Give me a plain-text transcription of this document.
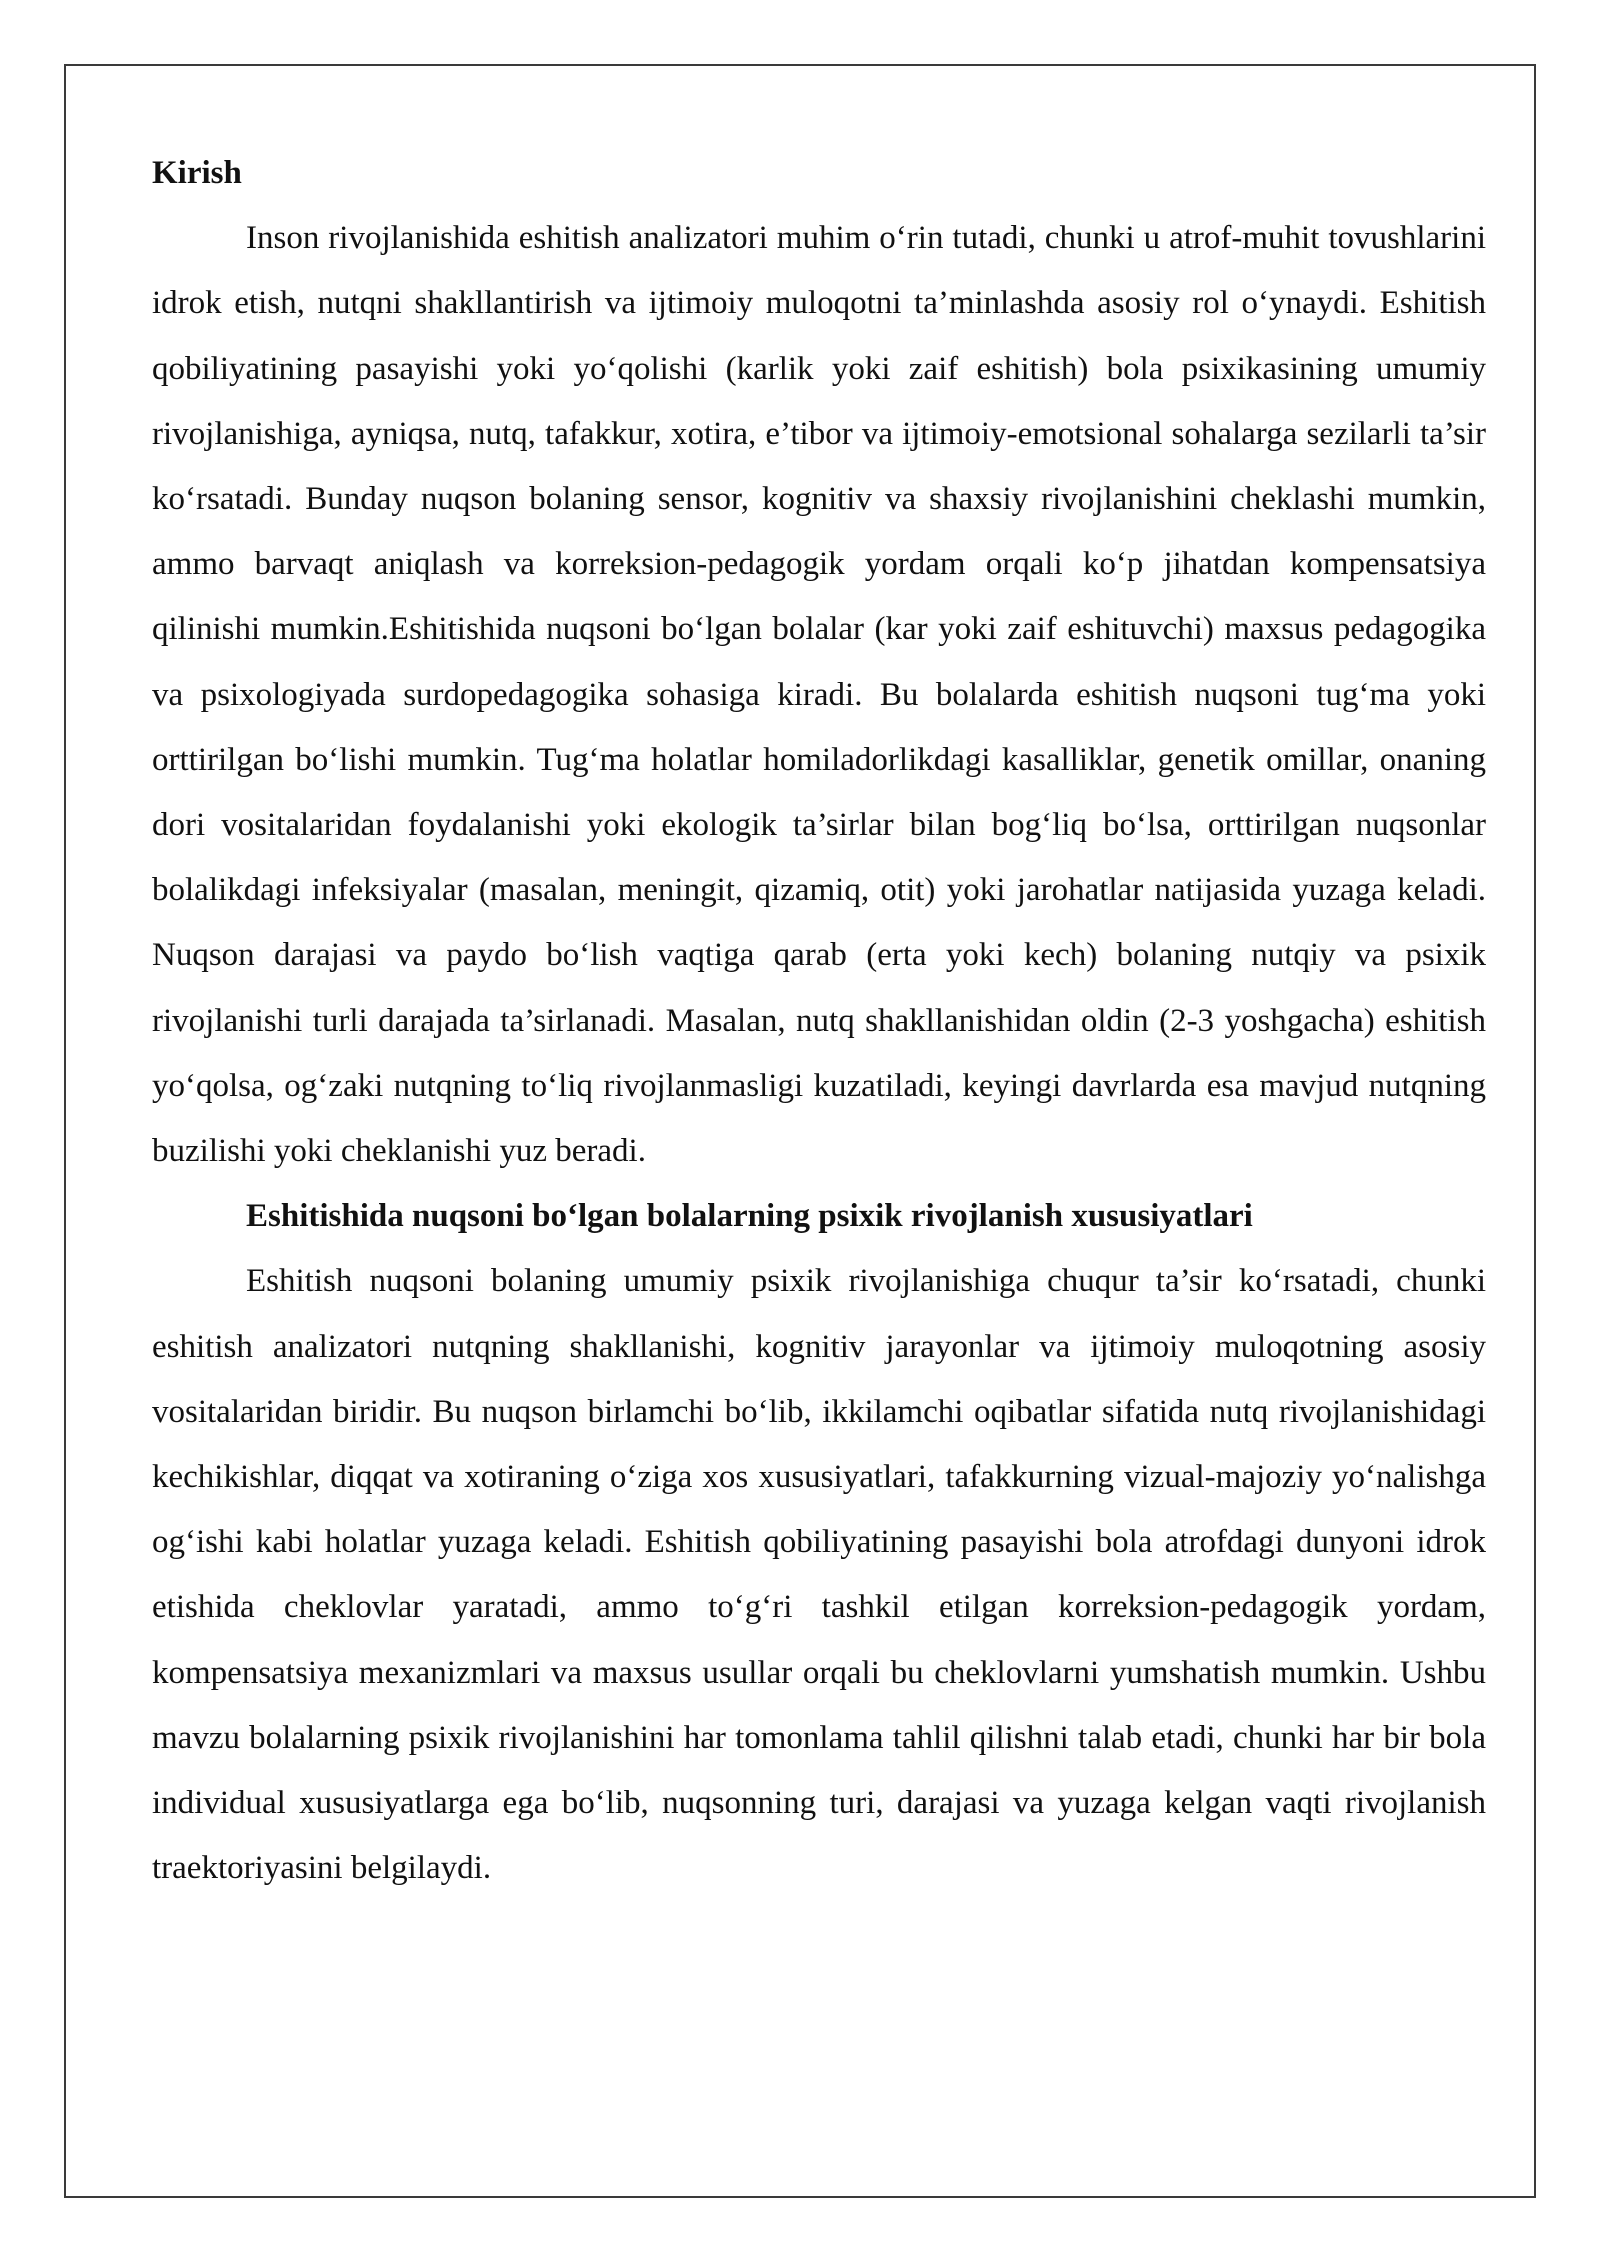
Kirish

Inson rivojlanishida eshitish analizatori muhim o‘rin tutadi, chunki u atrof-muhit tovushlarini idrok etish, nutqni shakllantirish va ijtimoiy muloqotni ta’minlashda asosiy rol o‘ynaydi. Eshitish qobiliyatining pasayishi yoki yo‘qolishi (karlik yoki zaif eshitish) bola psixikasining umumiy rivojlanishiga, ayniqsa, nutq, tafakkur, xotira, e’tibor va ijtimoiy-emotsional sohalarga sezilarli ta’sir ko‘rsatadi. Bunday nuqson bolaning sensor, kognitiv va shaxsiy rivojlanishini cheklashi mumkin, ammo barvaqt aniqlash va korreksion-pedagogik yordam orqali ko‘p jihatdan kompensatsiya qilinishi mumkin.Eshitishida nuqsoni bo‘lgan bolalar (kar yoki zaif eshituvchi) maxsus pedagogika va psixologiyada surdopedagogika sohasiga kiradi. Bu bolalarda eshitish nuqsoni tug‘ma yoki orttirilgan bo‘lishi mumkin. Tug‘ma holatlar homiladorlikdagi kasalliklar, genetik omillar, onaning dori vositalaridan foydalanishi yoki ekologik ta’sirlar bilan bog‘liq bo‘lsa, orttirilgan nuqsonlar bolalikdagi infeksiyalar (masalan, meningit, qizamiq, otit) yoki jarohatlar natijasida yuzaga keladi. Nuqson darajasi va paydo bo‘lish vaqtiga qarab (erta yoki kech) bolaning nutqiy va psixik rivojlanishi turli darajada ta’sirlanadi. Masalan, nutq shakllanishidan oldin (2-3 yoshgacha) eshitish yo‘qolsa, og‘zaki nutqning to‘liq rivojlanmasligi kuzatiladi, keyingi davrlarda esa mavjud nutqning buzilishi yoki cheklanishi yuz beradi.

Eshitishida nuqsoni bo‘lgan bolalarning psixik rivojlanish xususiyatlari

Eshitish nuqsoni bolaning umumiy psixik rivojlanishiga chuqur ta’sir ko‘rsatadi, chunki eshitish analizatori nutqning shakllanishi, kognitiv jarayonlar va ijtimoiy muloqotning asosiy vositalaridan biridir. Bu nuqson birlamchi bo‘lib, ikkilamchi oqibatlar sifatida nutq rivojlanishidagi kechikishlar, diqqat va xotiraning o‘ziga xos xususiyatlari, tafakkurning vizual-majoziy yo‘nalishga og‘ishi kabi holatlar yuzaga keladi. Eshitish qobiliyatining pasayishi bola atrofdagi dunyoni idrok etishida cheklovlar yaratadi, ammo to‘g‘ri tashkil etilgan korreksion-pedagogik yordam, kompensatsiya mexanizmlari va maxsus usullar orqali bu cheklovlarni yumshatish mumkin. Ushbu mavzu bolalarning psixik rivojlanishini har tomonlama tahlil qilishni talab etadi, chunki har bir bola individual xususiyatlarga ega bo‘lib, nuqsonning turi, darajasi va yuzaga kelgan vaqti rivojlanish traektoriyasini belgilaydi.
